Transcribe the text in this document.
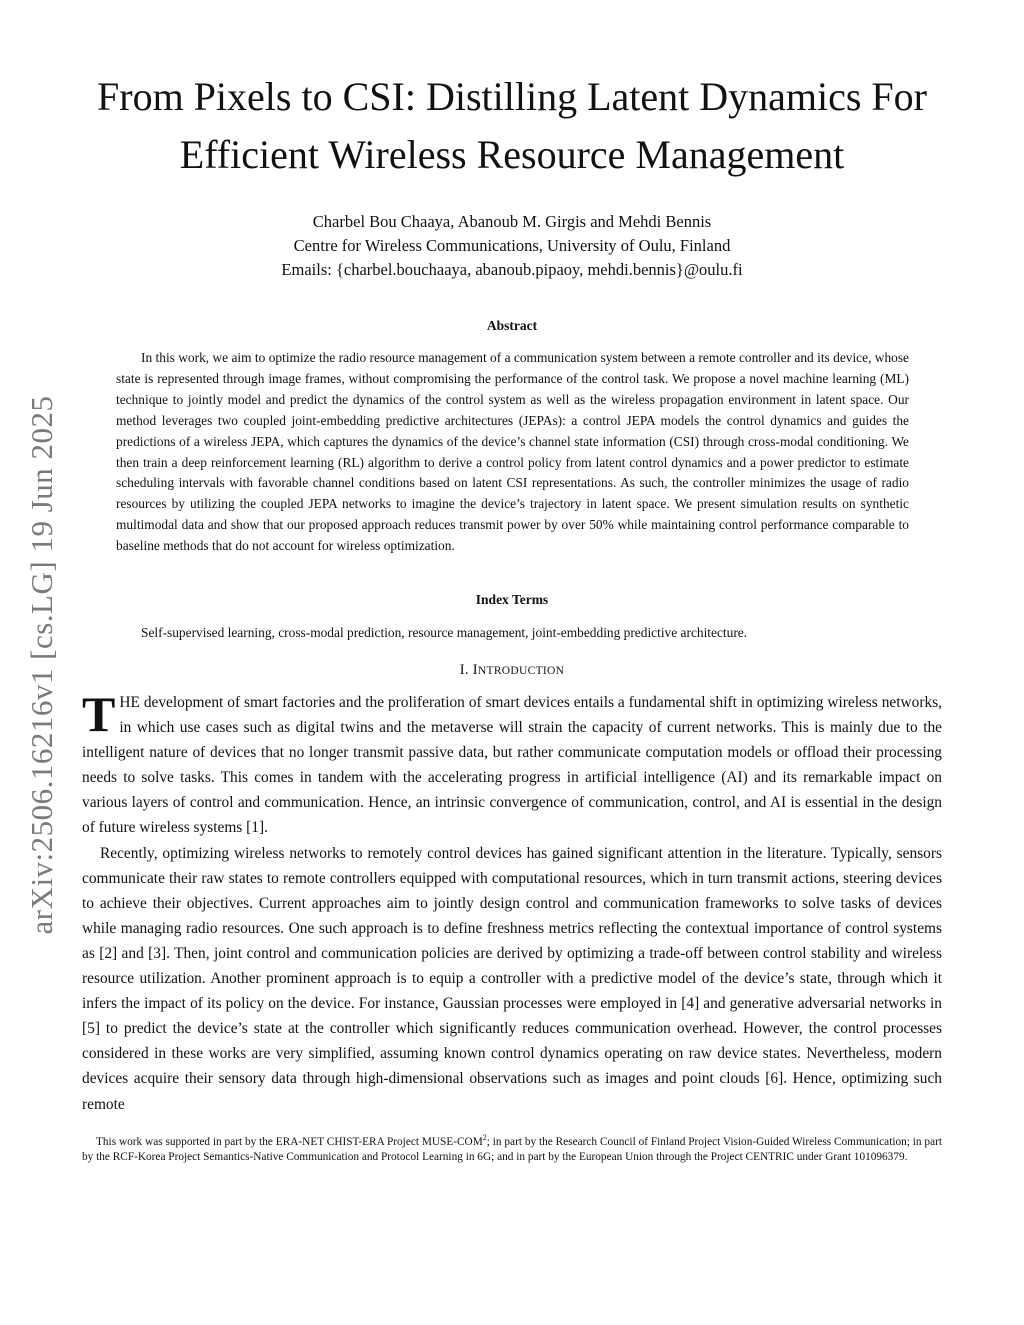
arXiv:2506.16216v1 [cs.LG] 19 Jun 2025
From Pixels to CSI: Distilling Latent Dynamics For
Efficient Wireless Resource Management
Charbel Bou Chaaya, Abanoub M. Girgis and Mehdi Bennis
Centre for Wireless Communications, University of Oulu, Finland
Emails: {charbel.bouchaaya, abanoub.pipaoy, mehdi.bennis}@oulu.fi
Abstract

In this work, we aim to optimize the radio resource management of a communication system between a remote controller and its device, whose state is represented through image frames, without compromising the performance of the control task. We propose a novel machine learning (ML) technique to jointly model and predict the dynamics of the control system as well as the wireless propagation environment in latent space. Our method leverages two coupled joint-embedding predictive architectures (JEPAs): a control JEPA models the control dynamics and guides the predictions of a wireless JEPA, which captures the dynamics of the device’s channel state information (CSI) through cross-modal conditioning. We then train a deep reinforcement learning (RL) algorithm to derive a control policy from latent control dynamics and a power predictor to estimate scheduling intervals with favorable channel conditions based on latent CSI representations. As such, the controller minimizes the usage of radio resources by utilizing the coupled JEPA networks to imagine the device’s trajectory in latent space. We present simulation results on synthetic multimodal data and show that our proposed approach reduces transmit power by over 50% while maintaining control performance comparable to baseline methods that do not account for wireless optimization.

Index Terms
Self-supervised learning, cross-modal prediction, resource management, joint-embedding predictive architecture.
I. INTRODUCTION

THE development of smart factories and the proliferation of smart devices entails a fundamental shift in optimizing wireless networks, in which use cases such as digital twins and the metaverse will strain the capacity of current networks. This is mainly due to the intelligent nature of devices that no longer transmit passive data, but rather communicate computation models or offload their processing needs to solve tasks. This comes in tandem with the accelerating progress in artificial intelligence (AI) and its remarkable impact on various layers of control and communication. Hence, an intrinsic convergence of communication, control, and AI is essential in the design of future wireless systems [1].

Recently, optimizing wireless networks to remotely control devices has gained significant attention in the literature. Typically, sensors communicate their raw states to remote controllers equipped with computational resources, which in turn transmit actions, steering devices to achieve their objectives. Current approaches aim to jointly design control and communication frameworks to solve tasks of devices while managing radio resources. One such approach is to define freshness metrics reflecting the contextual importance of control systems as [2] and [3]. Then, joint control and communication policies are derived by optimizing a trade-off between control stability and wireless resource utilization. Another prominent approach is to equip a controller with a predictive model of the device’s state, through which it infers the impact of its policy on the device. For instance, Gaussian processes were employed in [4] and generative adversarial networks in [5] to predict the device’s state at the controller which significantly reduces communication overhead. However, the control processes considered in these works are very simplified, assuming known control dynamics operating on raw device states. Nevertheless, modern devices acquire their sensory data through high-dimensional observations such as images and point clouds [6]. Hence, optimizing such remote

This work was supported in part by the ERA-NET CHIST-ERA Project MUSE-COM$^2$; in part by the Research Council of Finland Project Vision-Guided Wireless Communication; in part by the RCF-Korea Project Semantics-Native Communication and Protocol Learning in 6G; and in part by the European Union through the Project CENTRIC under Grant 101096379.
